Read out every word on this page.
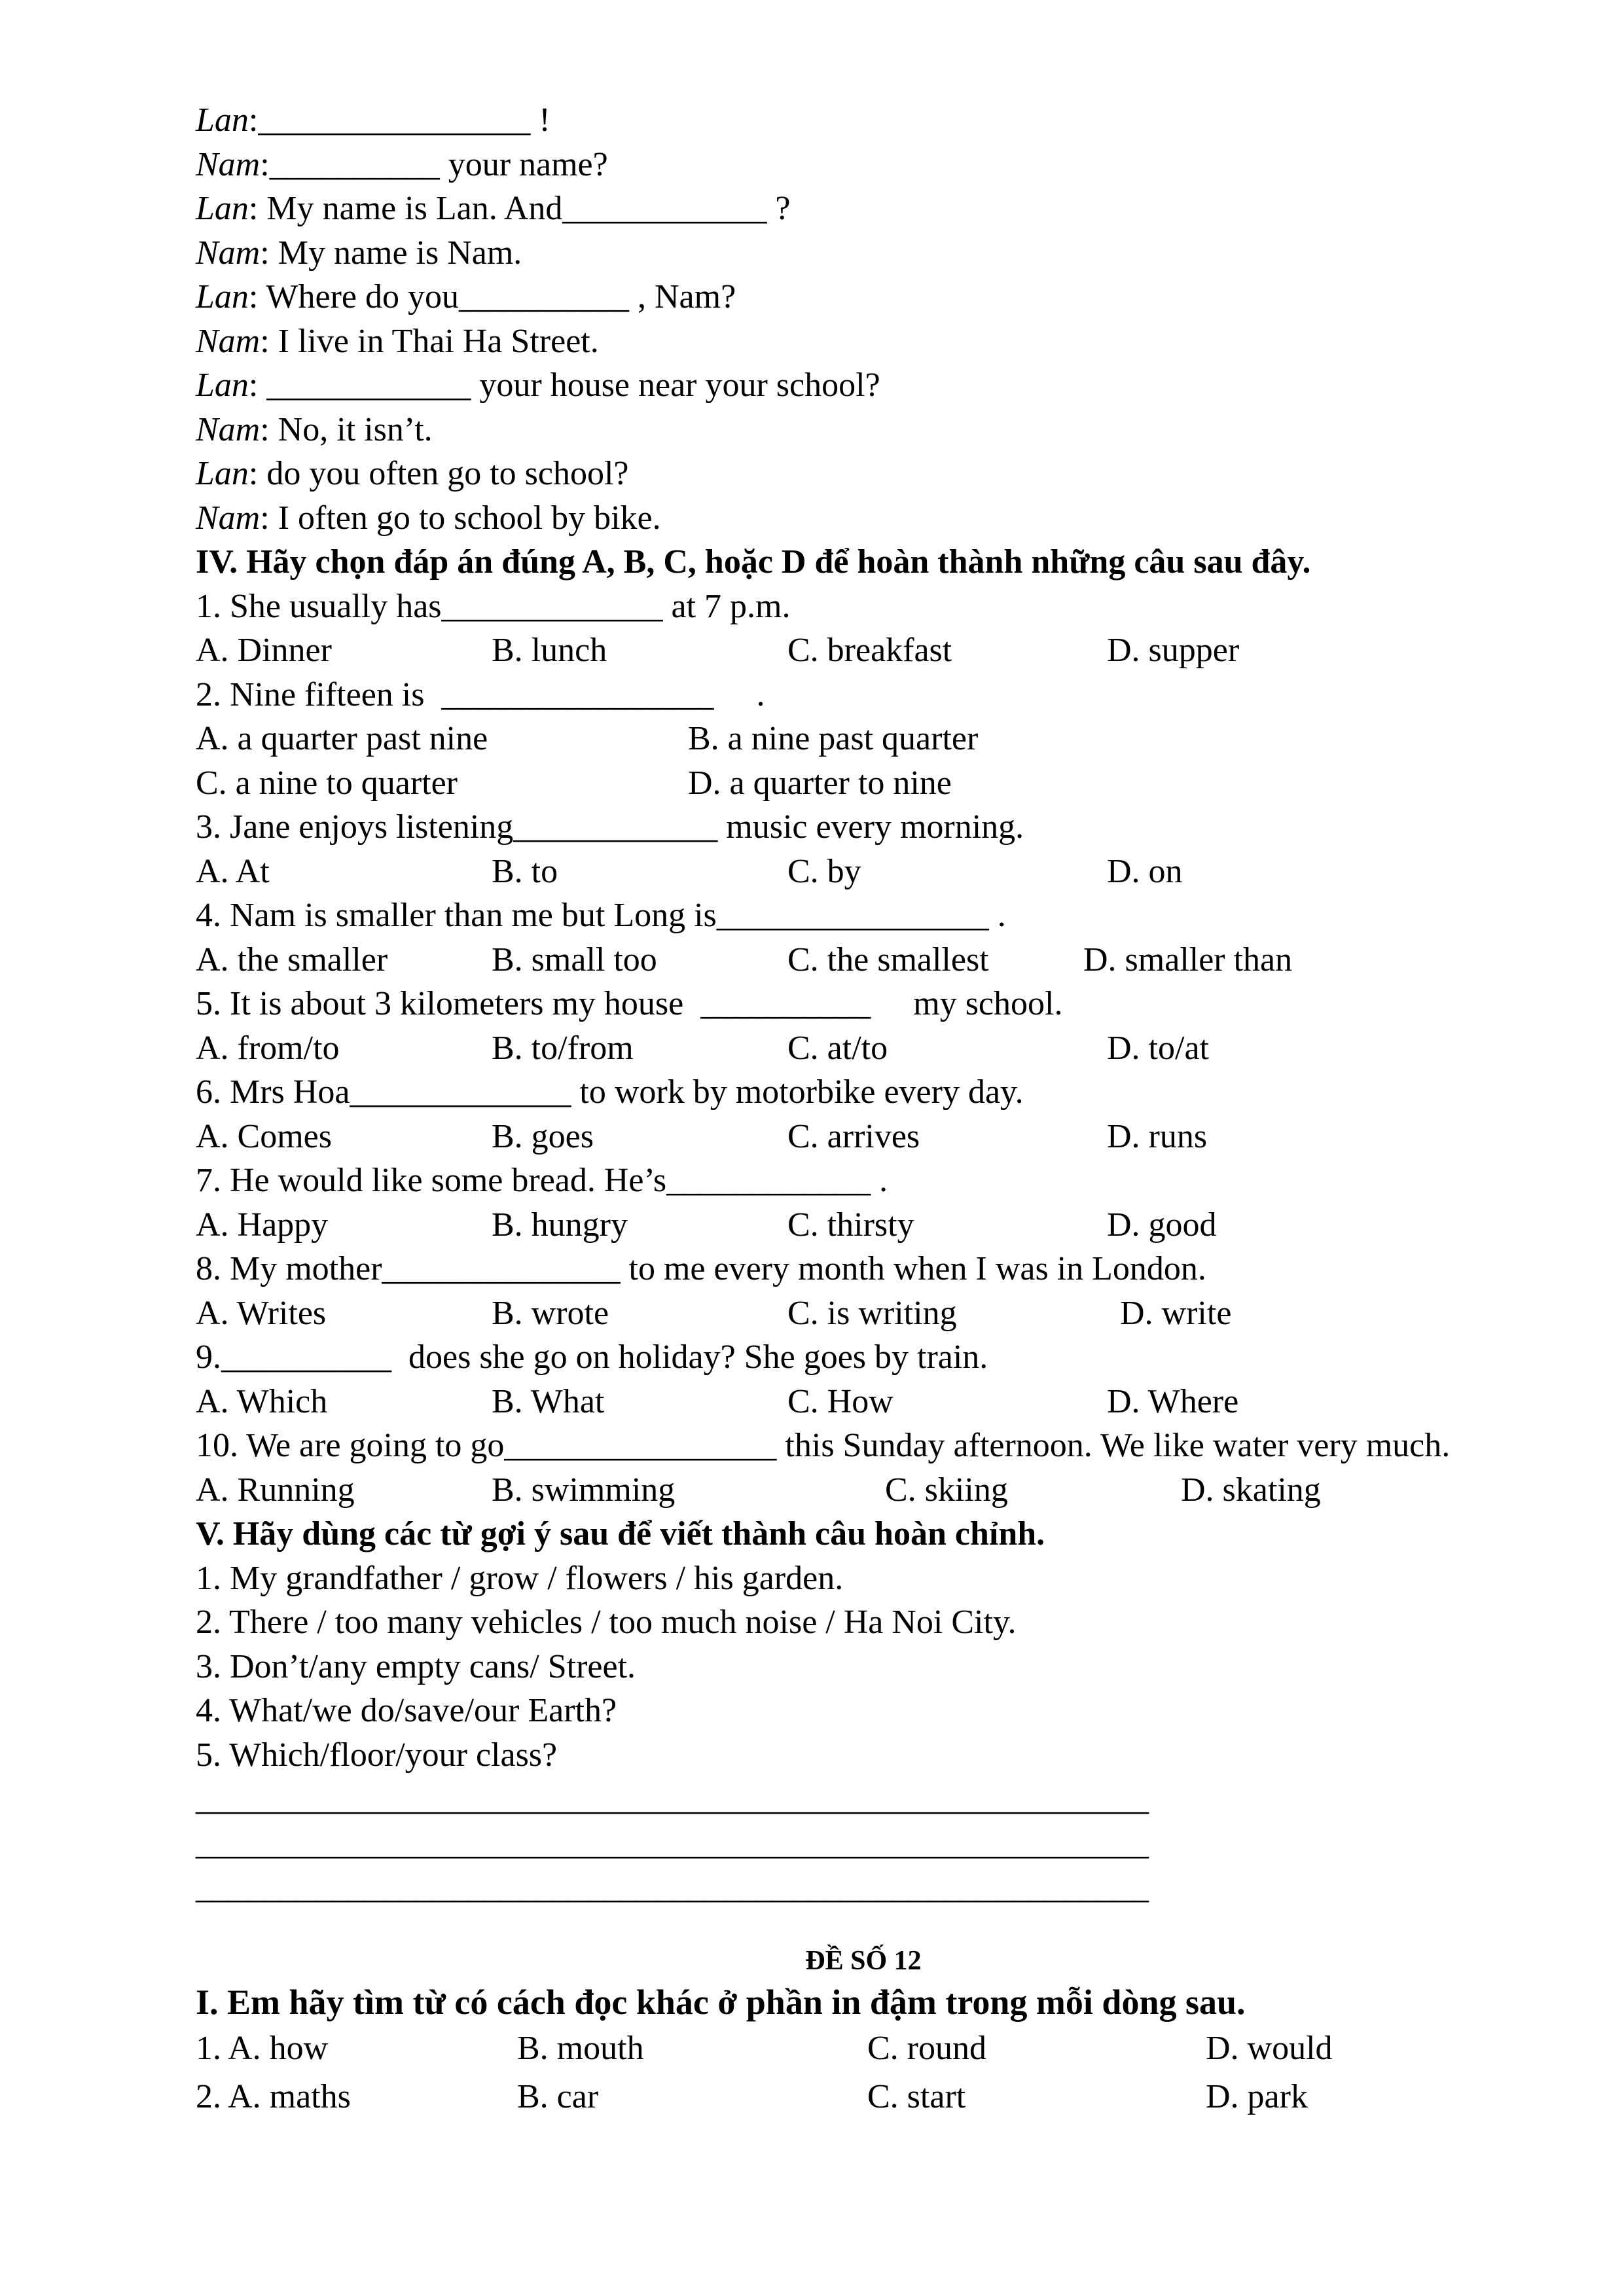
Lan:________________ !
Nam:__________ your name?
Lan: My name is Lan. And____________ ?
Nam: My name is Nam.
Lan: Where do you__________ , Nam?
Nam: I live in Thai Ha Street.
Lan: ____________ your house near your school?
Nam: No, it isn’t.
Lan: do you often go to school?
Nam: I often go to school by bike.
IV. Hãy chọn đáp án đúng A, B, C, hoặc D để hoàn thành những câu sau đây.
1. She usually has_____________ at 7 p.m.
A. Dinner	B. lunch	C. breakfast	D. supper
2. Nine fifteen is  ________________     .
A. a quarter past nine	B. a nine past quarter
C. a nine to quarter	D. a quarter to nine
3. Jane enjoys listening____________ music every morning.
A. At	B. to	C. by	D. on
4. Nam is smaller than me but Long is________________ .
A. the smaller	B. small too	C. the smallest	D. smaller than
5. It is about 3 kilometers my house  __________     my school.
A. from/to	B. to/from	C. at/to	D. to/at
6. Mrs Hoa_____________ to work by motorbike every day.
A. Comes	B. goes	C. arrives	D. runs
7. He would like some bread. He’s____________ .
A. Happy	B. hungry	C. thirsty	D. good
8. My mother______________ to me every month when I was in London.
A. Writes	B. wrote	C. is writing	D. write
9.__________  does she go on holiday? She goes by train.
A. Which	B. What	C. How	D. Where
10. We are going to go________________ this Sunday afternoon. We like water very much.
A. Running	B. swimming	C. skiing	D. skating
V. Hãy dùng các từ gợi ý sau để viết thành câu hoàn chỉnh.
1. My grandfather / grow / flowers / his garden.
2. There / too many vehicles / too much noise / Ha Noi City.
3. Don’t/any empty cans/ Street.
4. What/we do/save/our Earth?
5. Which/floor/your class?
________________________________________________________
________________________________________________________
________________________________________________________
ĐỀ SỐ 12
I. Em hãy tìm từ có cách đọc khác ở phần in đậm trong mỗi dòng sau.
1. A. how	B. mouth	C. round	D. would
2. A. maths	B. car	C. start	D. park
